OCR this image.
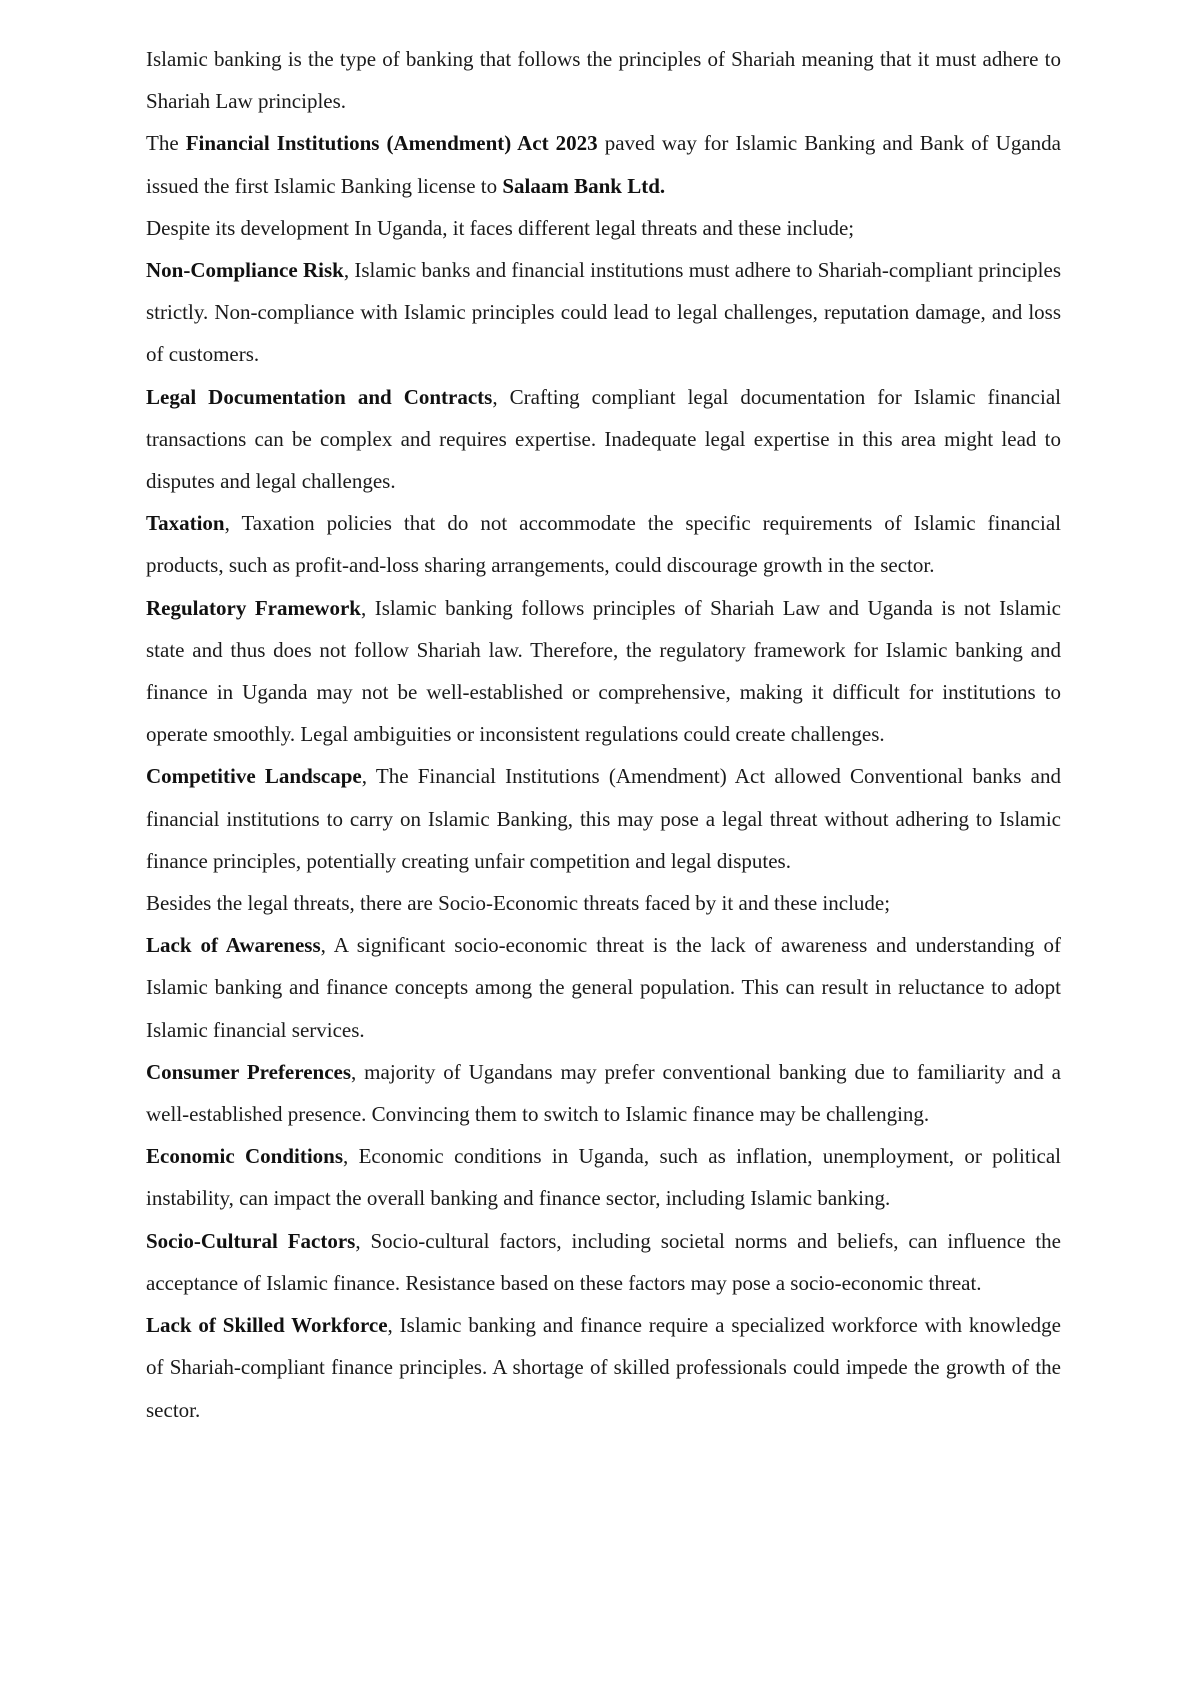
Islamic banking is the type of banking that follows the principles of Shariah meaning that it must adhere to Shariah Law principles.

The Financial Institutions (Amendment) Act 2023 paved way for Islamic Banking and Bank of Uganda issued the first Islamic Banking license to Salaam Bank Ltd.

Despite its development In Uganda, it faces different legal threats and these include;

Non-Compliance Risk, Islamic banks and financial institutions must adhere to Shariah-compliant principles strictly. Non-compliance with Islamic principles could lead to legal challenges, reputation damage, and loss of customers.

Legal Documentation and Contracts, Crafting compliant legal documentation for Islamic financial transactions can be complex and requires expertise. Inadequate legal expertise in this area might lead to disputes and legal challenges.

Taxation, Taxation policies that do not accommodate the specific requirements of Islamic financial products, such as profit-and-loss sharing arrangements, could discourage growth in the sector.

Regulatory Framework, Islamic banking follows principles of Shariah Law and Uganda is not Islamic state and thus does not follow Shariah law. Therefore, the regulatory framework for Islamic banking and finance in Uganda may not be well-established or comprehensive, making it difficult for institutions to operate smoothly. Legal ambiguities or inconsistent regulations could create challenges.

Competitive Landscape, The Financial Institutions (Amendment) Act allowed Conventional banks and financial institutions to carry on Islamic Banking, this may pose a legal threat without adhering to Islamic finance principles, potentially creating unfair competition and legal disputes.

Besides the legal threats, there are Socio-Economic threats faced by it and these include;

Lack of Awareness, A significant socio-economic threat is the lack of awareness and understanding of Islamic banking and finance concepts among the general population. This can result in reluctance to adopt Islamic financial services.

Consumer Preferences, majority of Ugandans may prefer conventional banking due to familiarity and a well-established presence. Convincing them to switch to Islamic finance may be challenging.

Economic Conditions, Economic conditions in Uganda, such as inflation, unemployment, or political instability, can impact the overall banking and finance sector, including Islamic banking.

Socio-Cultural Factors, Socio-cultural factors, including societal norms and beliefs, can influence the acceptance of Islamic finance. Resistance based on these factors may pose a socio-economic threat.

Lack of Skilled Workforce, Islamic banking and finance require a specialized workforce with knowledge of Shariah-compliant finance principles. A shortage of skilled professionals could impede the growth of the sector.
